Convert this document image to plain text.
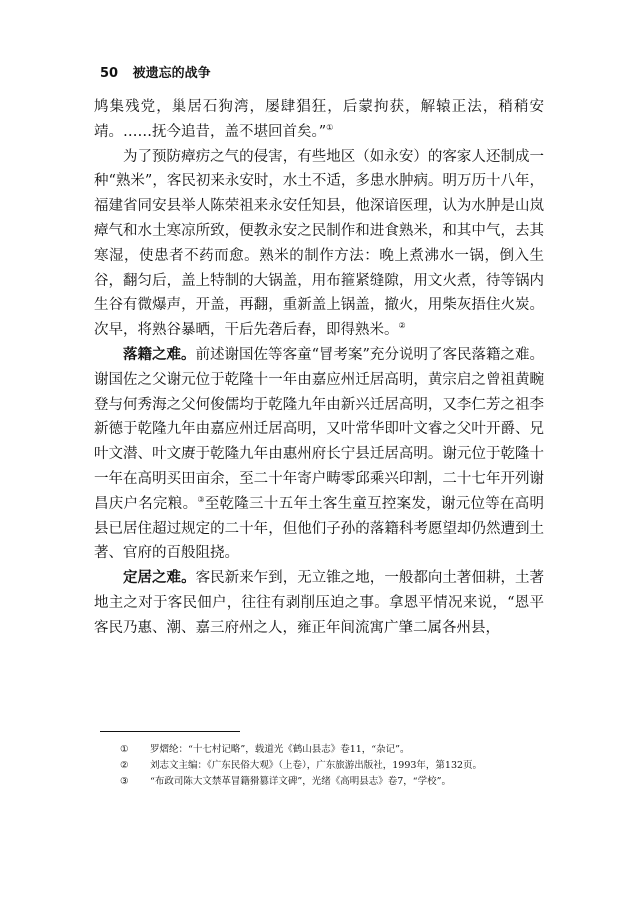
50 被遗忘的战争

鸠集残党，巢居石狗湾，屡肆猖狂，后蒙拘获，解辕正法，稍稍安靖。……抚今追昔，盖不堪回首矣。”①

为了预防瘴疠之气的侵害，有些地区（如永安）的客家人还制成一种“熟米”，客民初来永安时，水土不适，多患水肿病。明万历十八年，福建省同安县举人陈荣祖来永安任知县，他深谙医理，认为水肿是山岚瘴气和水土寒凉所致，便教永安之民制作和进食熟米，和其中气，去其寒湿，使患者不药而愈。熟米的制作方法：晚上煮沸水一锅，倒入生谷，翻匀后，盖上特制的大锅盖，用布箍紧缝隙，用文火煮，待等锅内生谷有微爆声，开盖，再翻，重新盖上锅盖，撤火，用柴灰捂住火炭。次早，将熟谷暴晒，干后先砻后舂，即得熟米。②

落籍之难。前述谢国佐等客童“冒考案”充分说明了客民落籍之难。谢国佐之父谢元位于乾隆十一年由嘉应州迁居高明，黄宗启之曾祖黄畹登与何秀海之父何俊儒均于乾隆九年由新兴迁居高明，又李仁芳之祖李新德于乾隆九年由嘉应州迁居高明，又叶常华即叶文睿之父叶开爵、兄叶文潜、叶文赓于乾隆九年由惠州府长宁县迁居高明。谢元位于乾隆十一年在高明买田亩余，至二十年寄户畴零邱乘兴印割，二十七年开列谢昌庆户名完粮。③至乾隆三十五年土客生童互控案发，谢元位等在高明县已居住超过规定的二十年，但他们子孙的落籍科考愿望却仍然遭到土著、官府的百般阻挠。

定居之难。客民新来乍到，无立锥之地，一般都向土著佃耕，土著地主之对于客民佃户，往往有剥削压迫之事。拿恩平情况来说，“恩平客民乃惠、潮、嘉三府州之人，雍正年间流寓广肇二属各州县，

① 罗熠纶：“十七村记略”，载道光《鹤山县志》卷11，“杂记”。
② 刘志文主编：《广东民俗大观》（上卷），广东旅游出版社，1993年，第132页。
③ “布政司陈大文禁革冒籍猾篡详文碑”，光绪《高明县志》卷7，“学校”。
